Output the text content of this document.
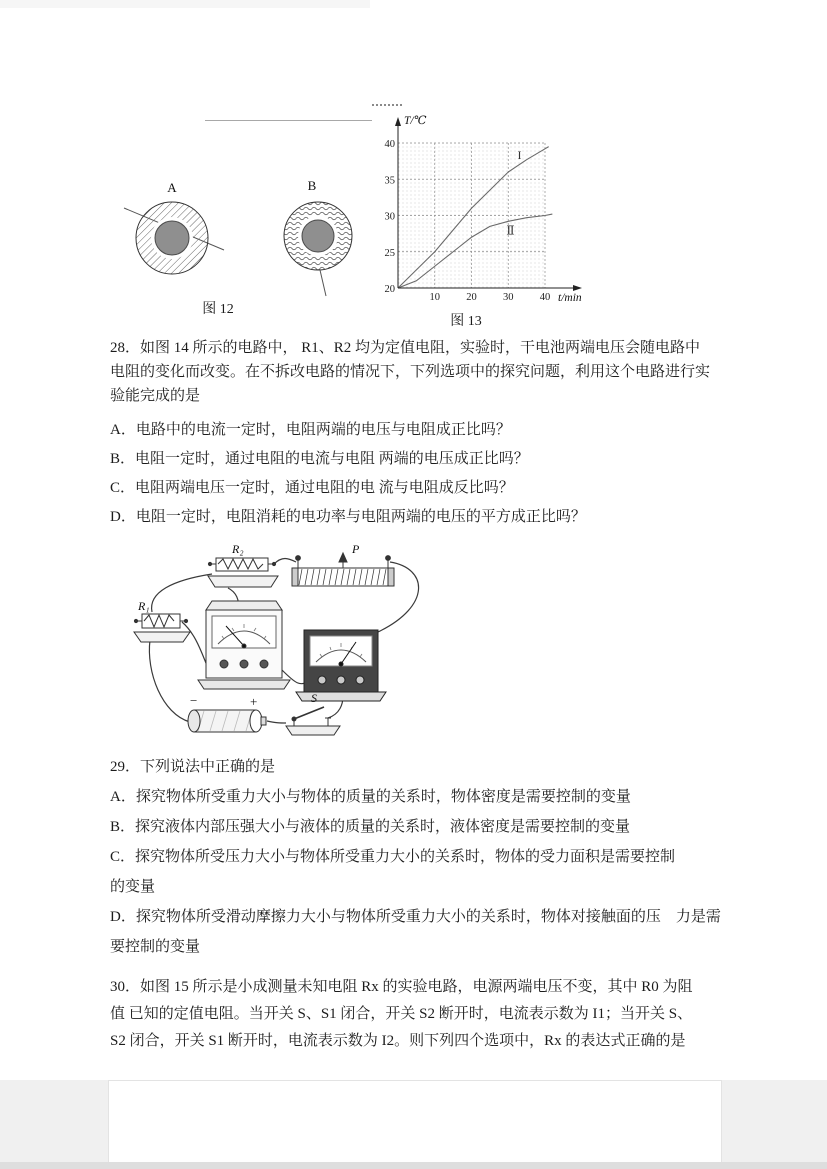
A	B
图 12
10	20	30	40
20
25
30
35
40
I
Ⅱ
T/℃
t/min
图 13
28．如图 14 所示的电路中， R1、R2 均为定值电阻，实验时，干电池两端电压会随电路中
电阻的变化而改变。在不拆改电路的情况下，下列选项中的探究问题，利用这个电路进行实
验能完成的是
A．电路中的电流一定时，电阻两端的电压与电阻成正比吗？
B．电阻一定时，通过电阻的电流与电阻 两端的电压成正比吗？
C．电阻两端电压一定时，通过电阻的电 流与电阻成反比吗？
D．电阻一定时，电阻消耗的电功率与电阻两端的电压的平方成正比吗？
R₂	P
R₁
−	+	S
29．下列说法中正确的是
A．探究物体所受重力大小与物体的质量的关系时，物体密度是需要控制的变量
B．探究液体内部压强大小与液体的质量的关系时，液体密度是需要控制的变量
C．探究物体所受压力大小与物体所受重力大小的关系时，物体的受力面积是需要控制
的变量
D．探究物体所受滑动摩擦力大小与物体所受重力大小的关系时，物体对接触面的压　力是需
要控制的变量
30．如图 15 所示是小成测量未知电阻 Rx 的实验电路，电源两端电压不变，其中 R0 为阻
值 已知的定值电阻。当开关 S、S1 闭合，开关 S2 断开时，电流表示数为 I1；当开关 S、
S2 闭合，开关 S1 断开时，电流表示数为 I2。则下列四个选项中，Rx 的表达式正确的是
